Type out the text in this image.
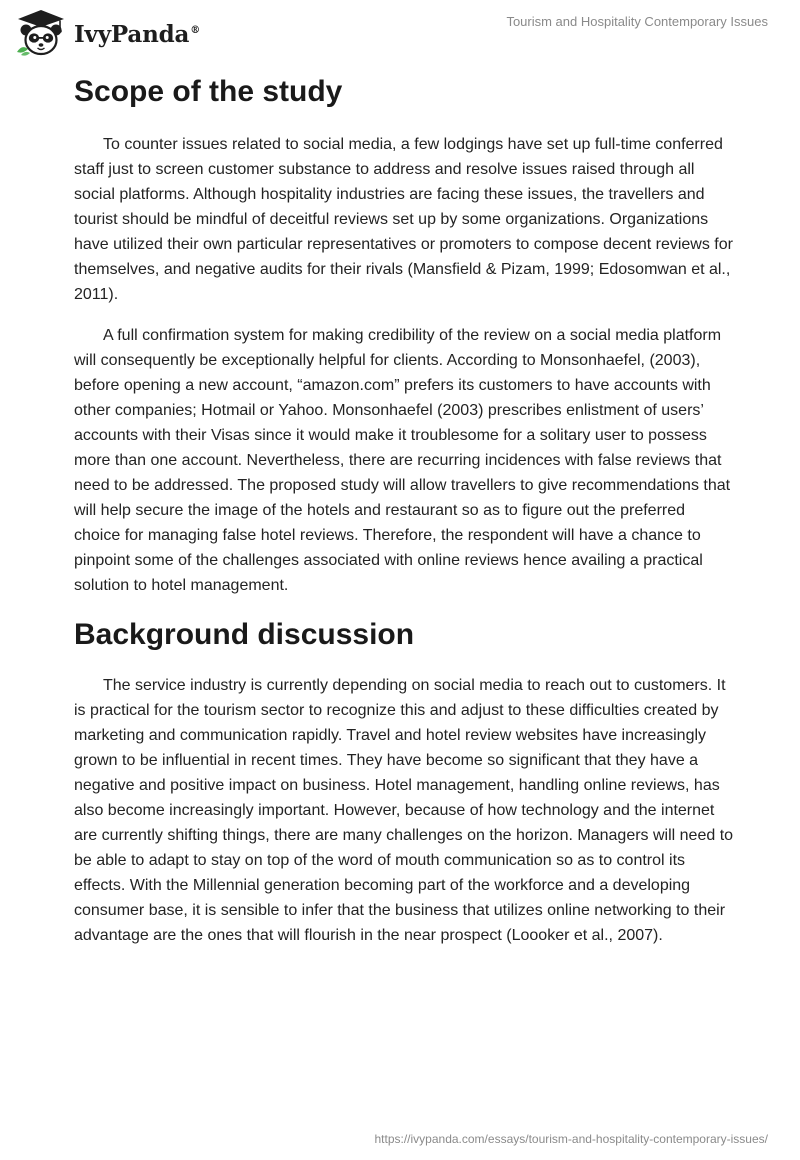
IvyPanda®
Tourism and Hospitality Contemporary Issues
Scope of the study

To counter issues related to social media, a few lodgings have set up full-time conferred staff just to screen customer substance to address and resolve issues raised through all social platforms. Although hospitality industries are facing these issues, the travellers and tourist should be mindful of deceitful reviews set up by some organizations. Organizations have utilized their own particular representatives or promoters to compose decent reviews for themselves, and negative audits for their rivals (Mansfield & Pizam, 1999; Edosomwan et al., 2011).

A full confirmation system for making credibility of the review on a social media platform will consequently be exceptionally helpful for clients. According to Monsonhaefel, (2003), before opening a new account, “amazon.com” prefers its customers to have accounts with other companies; Hotmail or Yahoo. Monsonhaefel (2003) prescribes enlistment of users’ accounts with their Visas since it would make it troublesome for a solitary user to possess more than one account. Nevertheless, there are recurring incidences with false reviews that need to be addressed. The proposed study will allow travellers to give recommendations that will help secure the image of the hotels and restaurant so as to figure out the preferred choice for managing false hotel reviews. Therefore, the respondent will have a chance to pinpoint some of the challenges associated with online reviews hence availing a practical solution to hotel management.

Background discussion

The service industry is currently depending on social media to reach out to customers. It is practical for the tourism sector to recognize this and adjust to these difficulties created by marketing and communication rapidly. Travel and hotel review websites have increasingly grown to be influential in recent times. They have become so significant that they have a negative and positive impact on business. Hotel management, handling online reviews, has also become increasingly important. However, because of how technology and the internet are currently shifting things, there are many challenges on the horizon. Managers will need to be able to adapt to stay on top of the word of mouth communication so as to control its effects. With the Millennial generation becoming part of the workforce and a developing consumer base, it is sensible to infer that the business that utilizes online networking to their advantage are the ones that will flourish in the near prospect (Loooker et al., 2007).

https://ivypanda.com/essays/tourism-and-hospitality-contemporary-issues/
